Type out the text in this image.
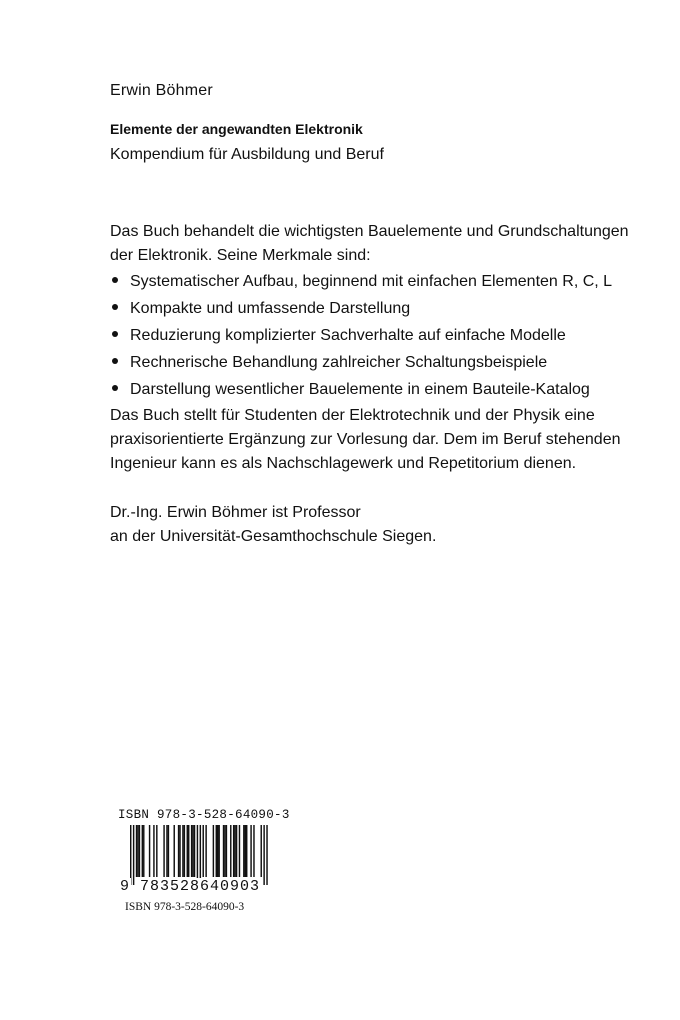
Erwin Böhmer
Elemente der angewandten Elektronik
Kompendium für Ausbildung und Beruf
Das Buch behandelt die wichtigsten Bauelemente und Grundschaltungen der Elektronik. Seine Merkmale sind:
Systematischer Aufbau, beginnend mit einfachen Elementen R, C, L
Kompakte und umfassende Darstellung
Reduzierung komplizierter Sachverhalte auf einfache Modelle
Rechnerische Behandlung zahlreicher Schaltungsbeispiele
Darstellung wesentlicher Bauelemente in einem Bauteile-Katalog
Das Buch stellt für Studenten der Elektrotechnik und der Physik eine praxisorientierte Ergänzung zur Vorlesung dar. Dem im Beruf stehenden Ingenieur kann es als Nachschlagewerk und Repetitorium dienen.
Dr.-Ing. Erwin Böhmer ist Professor
an der Universität-Gesamthochschule Siegen.
ISBN 978-3-528-64090-3
9 783528640903
ISBN 978-3-528-64090-3
